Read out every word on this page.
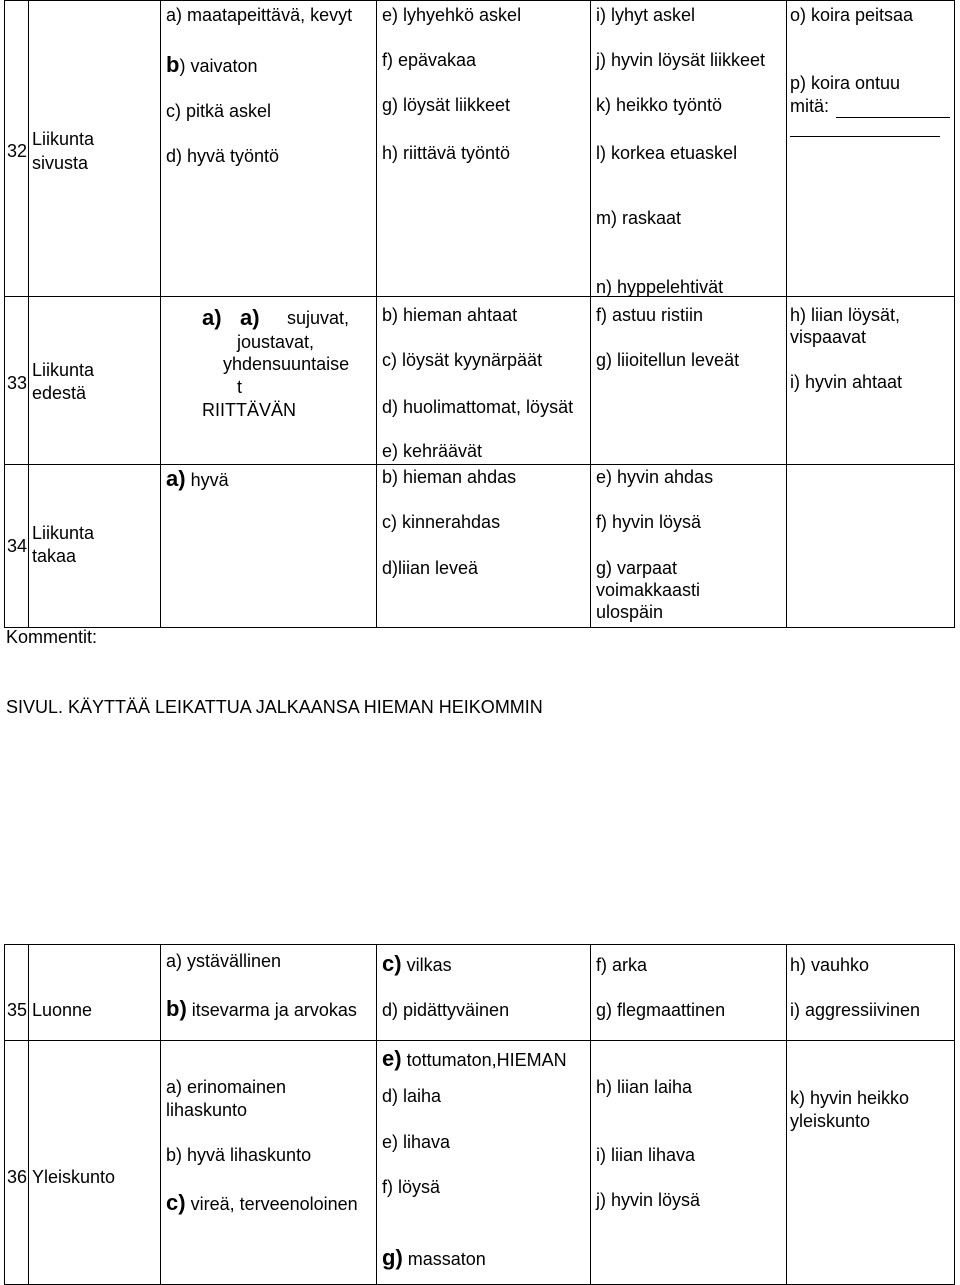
32
Liikunta
sivusta
a) maatapeittävä, kevyt
b) vaivaton
c) pitkä askel
d) hyvä työntö
e) lyhyehkö askel
f) epävakaa
g) löysät liikkeet
h) riittävä työntö
i) lyhyt askel
j) hyvin löysät liikkeet
k) heikko työntö
l) korkea etuaskel
m) raskaat
n) hyppelehtivät
o) koira peitsaa
p) koira ontuu
mitä:
33
Liikunta
edestä
a) a) sujuvat,
joustavat,
yhdensuuntaise
t
RIITTÄVÄN
b) hieman ahtaat
c) löysät kyynärpäät
d) huolimattomat, löysät
e) kehräävät
f) astuu ristiin
g) liioitellun leveät
h) liian löysät,
vispaavat
i) hyvin ahtaat
34
Liikunta
takaa
a) hyvä	b) hieman ahdas
c) kinnerahdas
d)liian leveä
e) hyvin ahdas
f) hyvin löysä
g) varpaat
voimakkaasti
ulospäin
Kommentit:
SIVUL. KÄYTTÄÄ LEIKATTUA JALKAANSA HIEMAN HEIKOMMIN
35 Luonne
a) ystävällinen
b) itsevarma ja arvokas
c) vilkas
d) pidättyväinen
e) tottumaton,HIEMAN
f) arka
g) flegmaattinen
h) vauhko
i) aggressiivinen
36 Yleiskunto
a) erinomainen
lihaskunto
b) hyvä lihaskunto
c) vireä, terveenoloinen
d) laiha
e) lihava
f) löysä
g) massaton
h) liian laiha
i) liian lihava
j) hyvin löysä
k) hyvin heikko
yleiskunto
